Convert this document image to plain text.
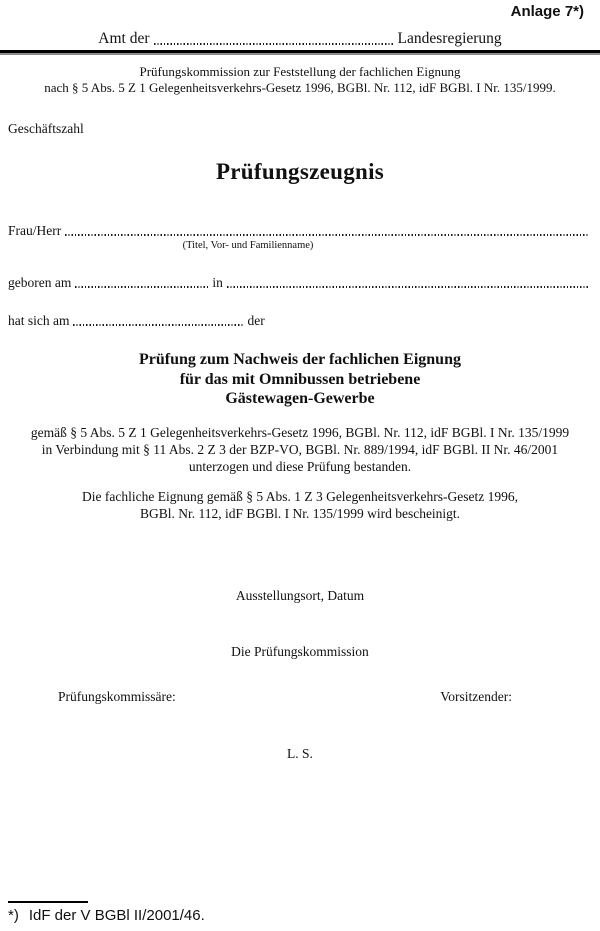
Anlage 7*)
Amt der	Landesregierung
Prüfungskommission zur Feststellung der fachlichen Eignung
nach § 5 Abs. 5 Z 1 Gelegenheitsverkehrs-Gesetz 1996, BGBl. Nr. 112, idF BGBl. I Nr. 135/1999.
Geschäftszahl
Prüfungszeugnis
Frau/Herr
(Titel, Vor- und Familienname)
geboren am	in
hat sich am	der
Prüfung zum Nachweis der fachlichen Eignung
für das mit Omnibussen betriebene
Gästewagen-Gewerbe
gemäß § 5 Abs. 5 Z 1 Gelegenheitsverkehrs-Gesetz 1996, BGBl. Nr. 112, idF BGBl. I Nr. 135/1999
in Verbindung mit § 11 Abs. 2 Z 3 der BZP-VO, BGBl. Nr. 889/1994, idF BGBl. II Nr. 46/2001
unterzogen und diese Prüfung bestanden.
Die fachliche Eignung gemäß § 5 Abs. 1 Z 3 Gelegenheitsverkehrs-Gesetz 1996,
BGBl. Nr. 112, idF BGBl. I Nr. 135/1999 wird bescheinigt.
Ausstellungsort, Datum
Die Prüfungskommission
Prüfungskommissäre:	Vorsitzender:
L. S.
*) IdF der V BGBl II/2001/46.
